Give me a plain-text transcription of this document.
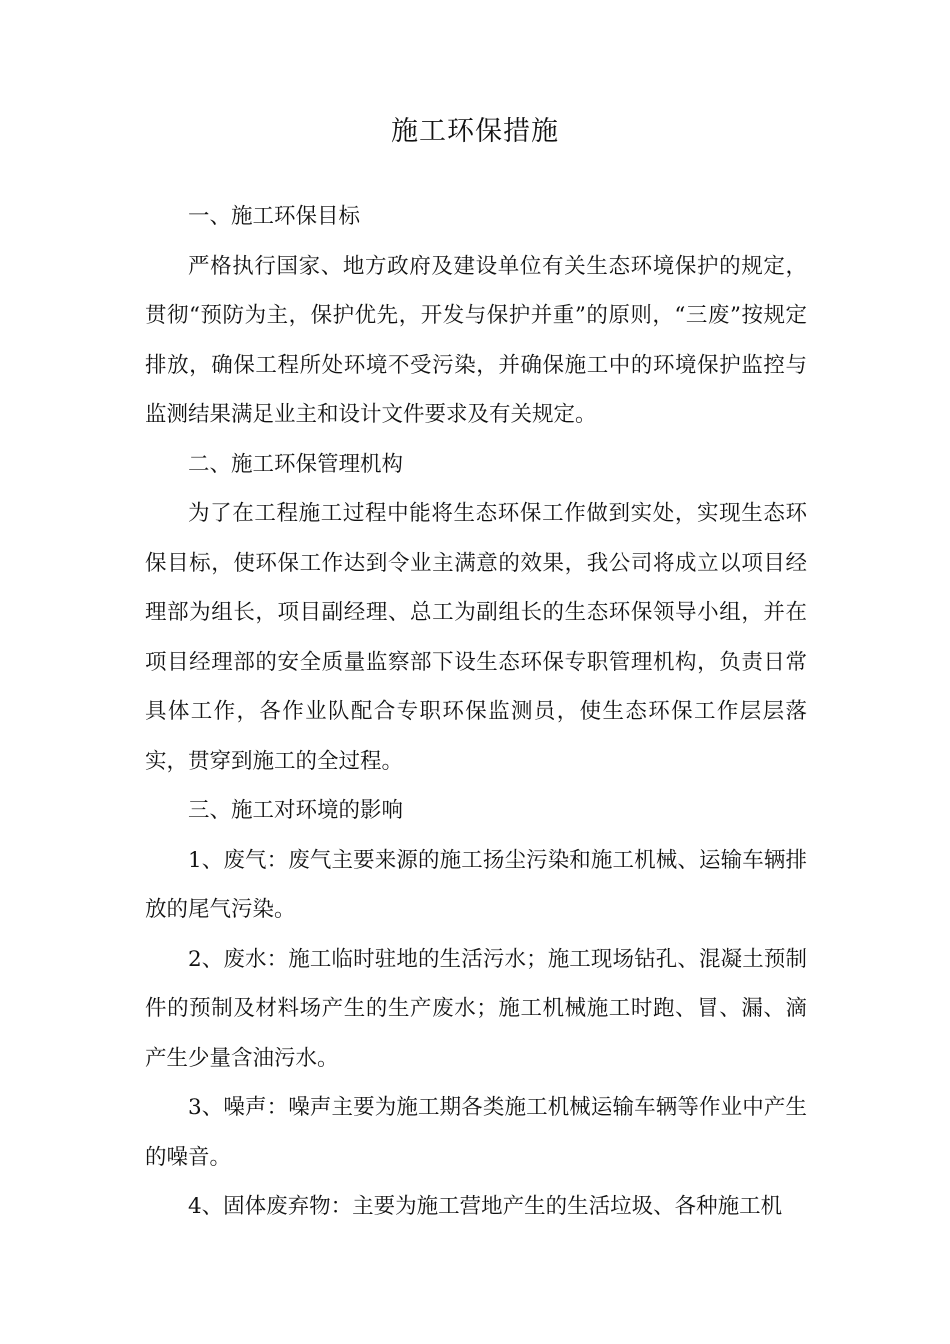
施工环保措施

一、施工环保目标

严格执行国家、地方政府及建设单位有关生态环境保护的规定，贯彻“预防为主，保护优先，开发与保护并重”的原则，“三废”按规定排放，确保工程所处环境不受污染，并确保施工中的环境保护监控与监测结果满足业主和设计文件要求及有关规定。

二、施工环保管理机构

为了在工程施工过程中能将生态环保工作做到实处，实现生态环保目标，使环保工作达到令业主满意的效果，我公司将成立以项目经理部为组长，项目副经理、总工为副组长的生态环保领导小组，并在项目经理部的安全质量监察部下设生态环保专职管理机构，负责日常具体工作，各作业队配合专职环保监测员，使生态环保工作层层落实，贯穿到施工的全过程。

三、施工对环境的影响

1、废气：废气主要来源的施工扬尘污染和施工机械、运输车辆排放的尾气污染。

2、废水：施工临时驻地的生活污水；施工现场钻孔、混凝土预制件的预制及材料场产生的生产废水；施工机械施工时跑、冒、漏、滴产生少量含油污水。

3、噪声：噪声主要为施工期各类施工机械运输车辆等作业中产生的噪音。

4、固体废弃物：主要为施工营地产生的生活垃圾、各种施工机
